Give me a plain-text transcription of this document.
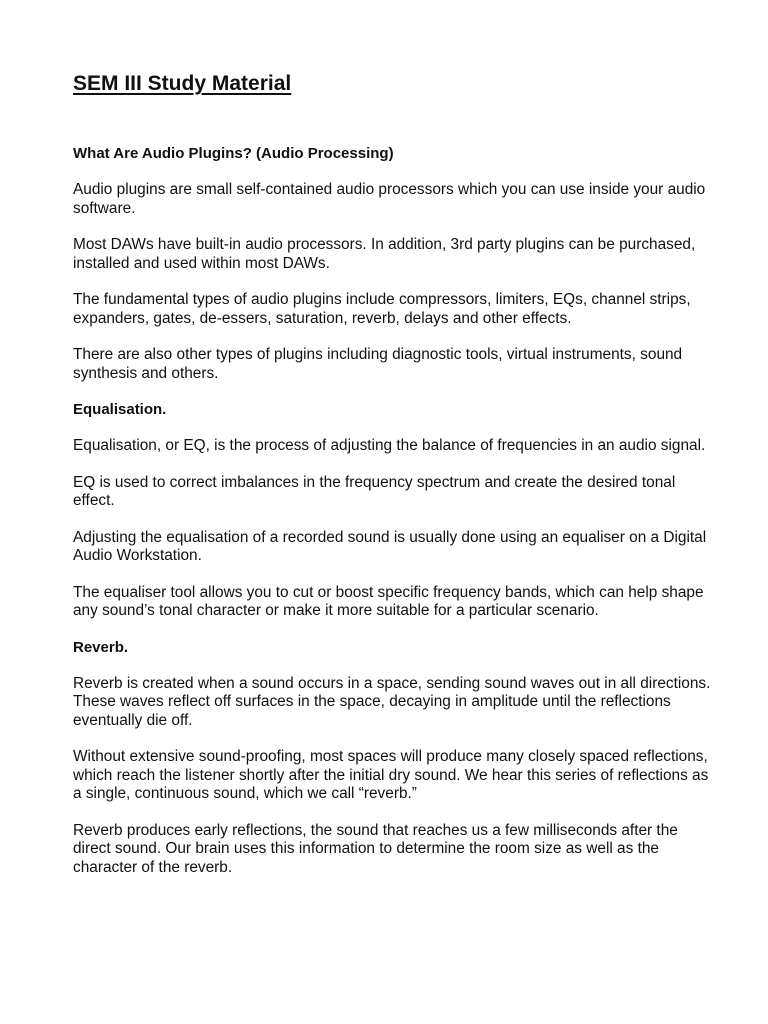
SEM III Study Material
What Are Audio Plugins? (Audio Processing)

Audio plugins are small self-contained audio processors which you can use inside your audio software.

Most DAWs have built-in audio processors. In addition, 3rd party plugins can be purchased, installed and used within most DAWs.

The fundamental types of audio plugins include compressors, limiters, EQs, channel strips, expanders, gates, de-essers, saturation, reverb, delays and other effects.

There are also other types of plugins including diagnostic tools, virtual instruments, sound synthesis and others.

Equalisation.

Equalisation, or EQ, is the process of adjusting the balance of frequencies in an audio signal.

EQ is used to correct imbalances in the frequency spectrum and create the desired tonal effect.

Adjusting the equalisation of a recorded sound is usually done using an equaliser on a Digital Audio Workstation.

The equaliser tool allows you to cut or boost specific frequency bands, which can help shape any sound’s tonal character or make it more suitable for a particular scenario.

Reverb.

Reverb is created when a sound occurs in a space, sending sound waves out in all directions. These waves reflect off surfaces in the space, decaying in amplitude until the reflections eventually die off.

Without extensive sound-proofing, most spaces will produce many closely spaced reflections, which reach the listener shortly after the initial dry sound. We hear this series of reflections as a single, continuous sound, which we call “reverb.”

Reverb produces early reflections, the sound that reaches us a few milliseconds after the direct sound. Our brain uses this information to determine the room size as well as the character of the reverb.
